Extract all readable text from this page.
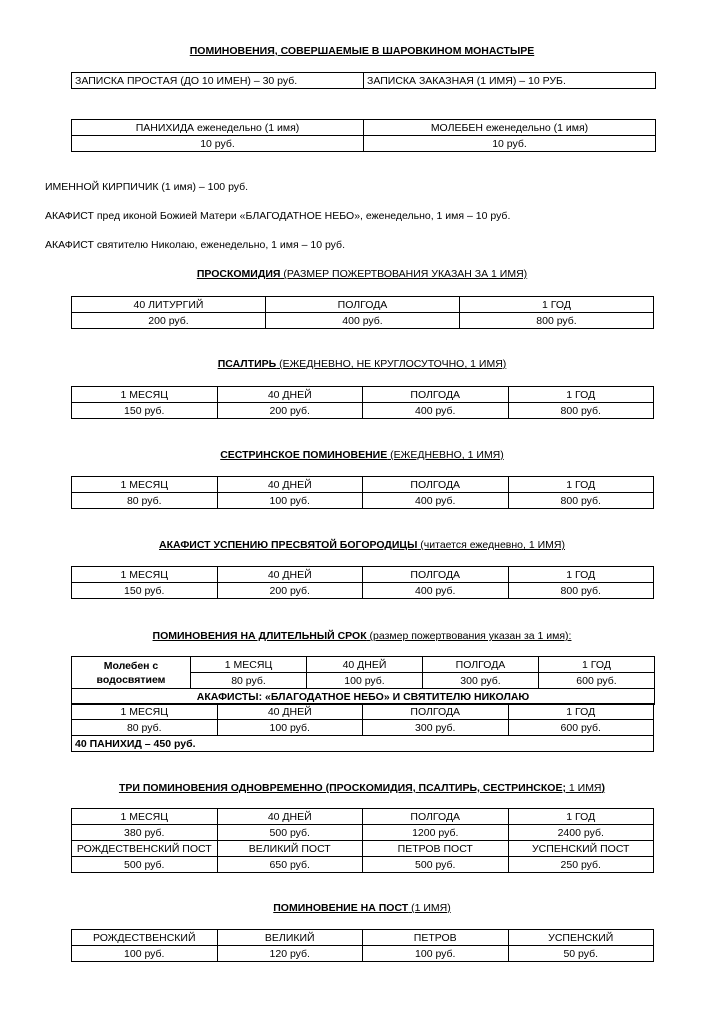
ПОМИНОВЕНИЯ, СОВЕРШАЕМЫЕ В ШАРОВКИНОМ МОНАСТЫРЕ
ЗАПИСКА ПРОСТАЯ (ДО 10 ИМЕН) – 30 руб.	ЗАПИСКА ЗАКАЗНАЯ (1 ИМЯ) – 10 РУБ.
ПАНИХИДА еженедельно (1 имя)	МОЛЕБЕН еженедельно (1 имя)
10 руб.	10 руб.
ИМЕННОЙ КИРПИЧИК (1 имя) – 100 руб.
АКАФИСТ пред иконой Божией Матери «БЛАГОДАТНОЕ НЕБО», еженедельно, 1 имя – 10 руб.
АКАФИСТ святителю Николаю, еженедельно, 1 имя – 10 руб.
ПРОСКОМИДИЯ (РАЗМЕР ПОЖЕРТВОВАНИЯ УКАЗАН ЗА 1 ИМЯ)
40 ЛИТУРГИЙ	ПОЛГОДА	1 ГОД
200 руб.	400 руб.	800 руб.
ПСАЛТИРЬ (ЕЖЕДНЕВНО, НЕ КРУГЛОСУТОЧНО, 1 ИМЯ)
1 МЕСЯЦ	40 ДНЕЙ	ПОЛГОДА	1 ГОД
150 руб.	200 руб.	400 руб.	800 руб.
СЕСТРИНСКОЕ ПОМИНОВЕНИЕ (ЕЖЕДНЕВНО, 1 ИМЯ)
1 МЕСЯЦ	40 ДНЕЙ	ПОЛГОДА	1 ГОД
80 руб.	100 руб.	400 руб.	800 руб.
АКАФИСТ УСПЕНИЮ ПРЕСВЯТОЙ БОГОРОДИЦЫ (читается ежедневно, 1 ИМЯ)
1 МЕСЯЦ	40 ДНЕЙ	ПОЛГОДА	1 ГОД
150 руб.	200 руб.	400 руб.	800 руб.
ПОМИНОВЕНИЯ НА ДЛИТЕЛЬНЫЙ СРОК (размер пожертвования указан за 1 имя):
Молебен с
водосвятием	1 МЕСЯЦ	40 ДНЕЙ	ПОЛГОДА	1 ГОД
	80 руб.	100 руб.	300 руб.	600 руб.
АКАФИСТЫ: «БЛАГОДАТНОЕ НЕБО» И СВЯТИТЕЛЮ НИКОЛАЮ				

1 МЕСЯЦ	40 ДНЕЙ	ПОЛГОДА	1 ГОД
80 руб.	100 руб.	300 руб.	600 руб.
40 ПАНИХИД – 450 руб.			
ТРИ ПОМИНОВЕНИЯ ОДНОВРЕМЕННО (ПРОСКОМИДИЯ, ПСАЛТИРЬ, СЕСТРИНСКОЕ; 1 ИМЯ)
1 МЕСЯЦ	40 ДНЕЙ	ПОЛГОДА	1 ГОД
380 руб.	500 руб.	1200 руб.	2400 руб.
РОЖДЕСТВЕНСКИЙ ПОСТ	ВЕЛИКИЙ ПОСТ	ПЕТРОВ ПОСТ	УСПЕНСКИЙ ПОСТ
500 руб.	650 руб.	500 руб.	250 руб.
ПОМИНОВЕНИЕ НА ПОСТ (1 ИМЯ)
РОЖДЕСТВЕНСКИЙ	ВЕЛИКИЙ	ПЕТРОВ	УСПЕНСКИЙ
100 руб.	120 руб.	100 руб.	50 руб.
